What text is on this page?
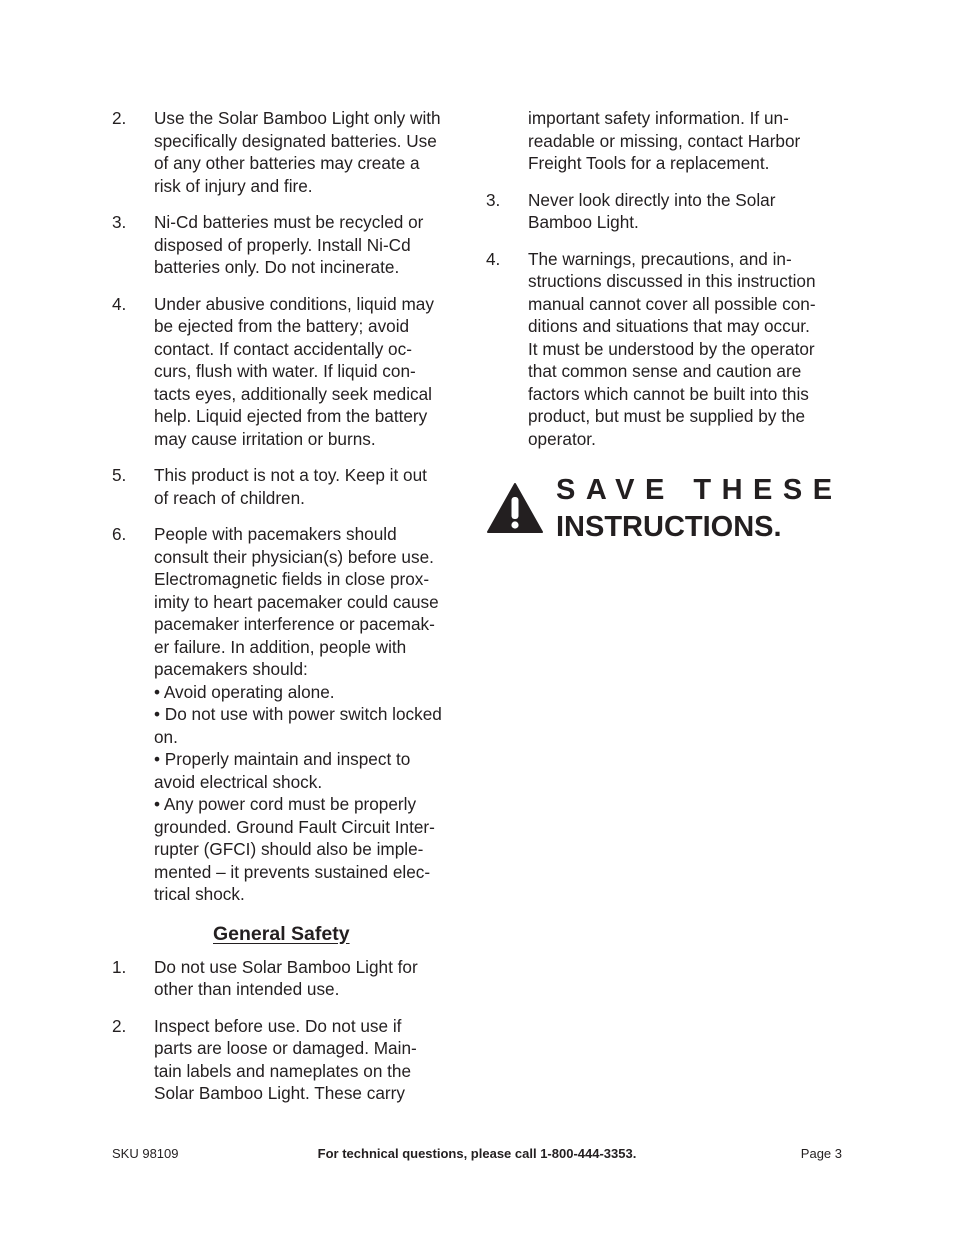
2. Use the Solar Bamboo Light only with
specifically designated batteries. Use
of any other batteries may create a
risk of injury and fire.
3. Ni-Cd batteries must be recycled or
disposed of properly. Install Ni-Cd
batteries only. Do not incinerate.
4. Under abusive conditions, liquid may
be ejected from the battery; avoid
contact. If contact accidentally oc-
curs, flush with water. If liquid con-
tacts eyes, additionally seek medical
help. Liquid ejected from the battery
may cause irritation or burns.
5. This product is not a toy. Keep it out
of reach of children.
6. People with pacemakers should
consult their physician(s) before use.
Electromagnetic fields in close prox-
imity to heart pacemaker could cause
pacemaker interference or pacemak-
er failure. In addition, people with
pacemakers should:
• Avoid operating alone.
• Do not use with power switch locked
on.
• Properly maintain and inspect to
avoid electrical shock.
• Any power cord must be properly
grounded. Ground Fault Circuit Inter-
rupter (GFCI) should also be imple-
mented – it prevents sustained elec-
trical shock.
General Safety
1. Do not use Solar Bamboo Light for
other than intended use.
2. Inspect before use. Do not use if
parts are loose or damaged. Main-
tain labels and nameplates on the
Solar Bamboo Light. These carry
important safety information. If un-
readable or missing, contact Harbor
Freight Tools for a replacement.
3. Never look directly into the Solar
Bamboo Light.
4. The warnings, precautions, and in-
structions discussed in this instruction
manual cannot cover all possible con-
ditions and situations that may occur.
It must be understood by the operator
that common sense and caution are
factors which cannot be built into this
product, but must be supplied by the
operator.
SAVE THESE
INSTRUCTIONS.
SKU 98109	For technical questions, please call 1-800-444-3353.	Page 3
